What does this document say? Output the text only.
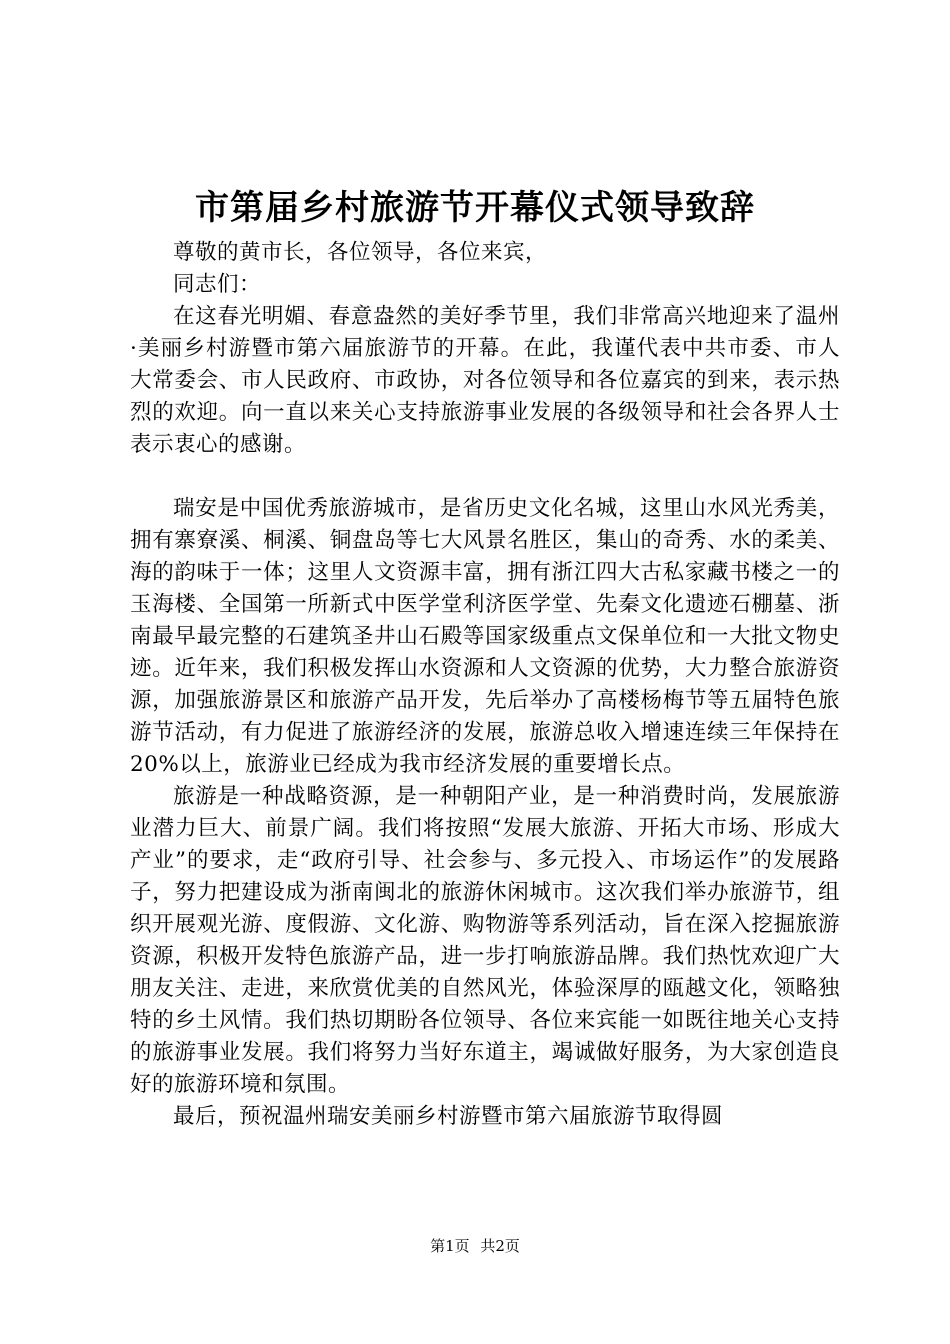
市第届乡村旅游节开幕仪式领导致辞

尊敬的黄市长，各位领导，各位来宾，

同志们：

在这春光明媚、春意盎然的美好季节里，我们非常高兴地迎来了温州·美丽乡村游暨市第六届旅游节的开幕。在此，我谨代表中共市委、市人大常委会、市人民政府、市政协，对各位领导和各位嘉宾的到来，表示热烈的欢迎。向一直以来关心支持旅游事业发展的各级领导和社会各界人士表示衷心的感谢。

瑞安是中国优秀旅游城市，是省历史文化名城，这里山水风光秀美，拥有寨寮溪、桐溪、铜盘岛等七大风景名胜区，集山的奇秀、水的柔美、海的韵味于一体；这里人文资源丰富，拥有浙江四大古私家藏书楼之一的玉海楼、全国第一所新式中医学堂利济医学堂、先秦文化遗迹石棚墓、浙南最早最完整的石建筑圣井山石殿等国家级重点文保单位和一大批文物史迹。近年来，我们积极发挥山水资源和人文资源的优势，大力整合旅游资源，加强旅游景区和旅游产品开发，先后举办了高楼杨梅节等五届特色旅游节活动，有力促进了旅游经济的发展，旅游总收入增速连续三年保持在20%以上，旅游业已经成为我市经济发展的重要增长点。

旅游是一种战略资源，是一种朝阳产业，是一种消费时尚，发展旅游业潜力巨大、前景广阔。我们将按照“发展大旅游、开拓大市场、形成大产业”的要求，走“政府引导、社会参与、多元投入、市场运作”的发展路子，努力把建设成为浙南闽北的旅游休闲城市。这次我们举办旅游节，组织开展观光游、度假游、文化游、购物游等系列活动，旨在深入挖掘旅游资源，积极开发特色旅游产品，进一步打响旅游品牌。我们热忱欢迎广大朋友关注、走进，来欣赏优美的自然风光，体验深厚的瓯越文化，领略独特的乡土风情。我们热切期盼各位领导、各位来宾能一如既往地关心支持的旅游事业发展。我们将努力当好东道主，竭诚做好服务，为大家创造良好的旅游环境和氛围。

最后，预祝温州瑞安美丽乡村游暨市第六届旅游节取得圆

第1页 共2页
